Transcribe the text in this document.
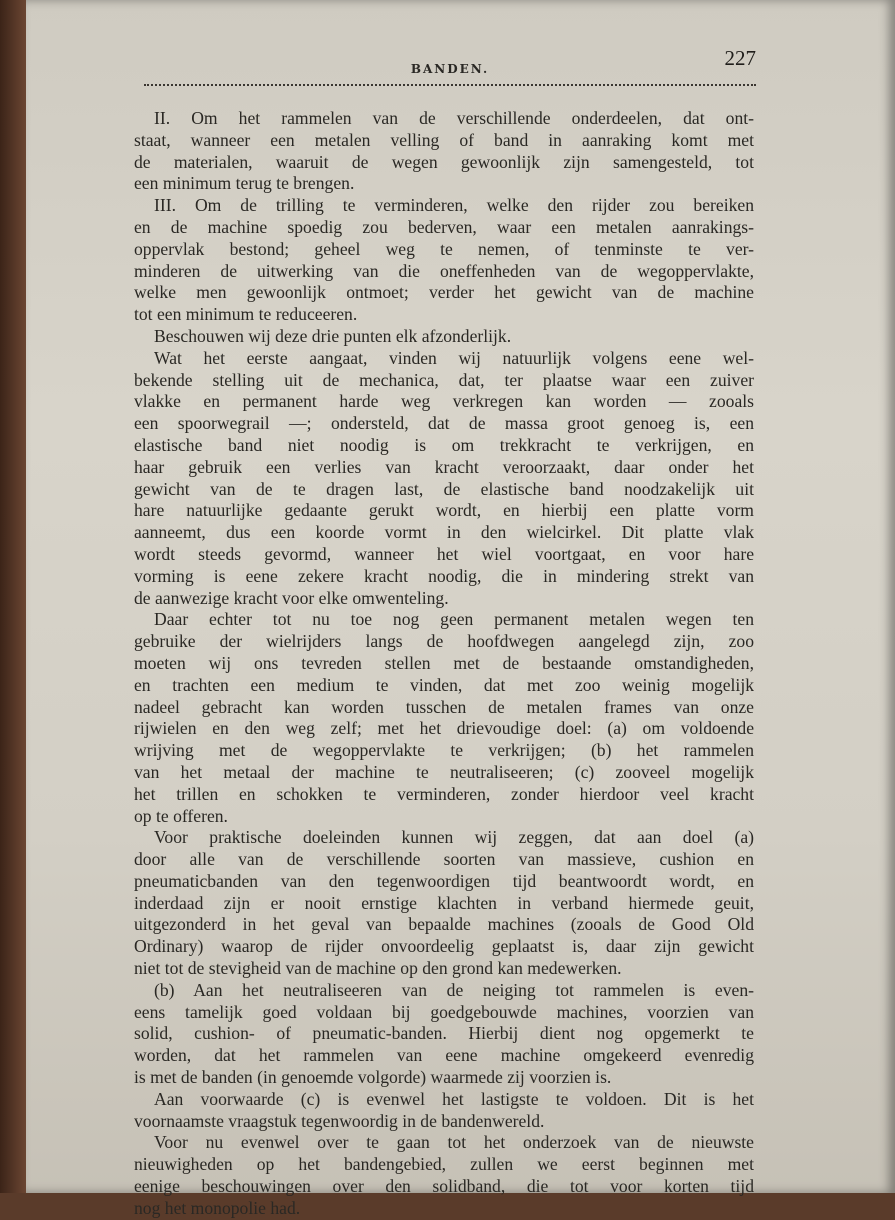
BANDEN.	227
II. Om het rammelen van de verschillende onderdeelen, dat ont-
staat, wanneer een metalen velling of band in aanraking komt met
de materialen, waaruit de wegen gewoonlijk zijn samengesteld, tot
een minimum terug te brengen.
III. Om de trilling te verminderen, welke den rijder zou bereiken
en de machine spoedig zou bederven, waar een metalen aanrakings-
oppervlak bestond; geheel weg te nemen, of tenminste te ver-
minderen de uitwerking van die oneffenheden van de wegoppervlakte,
welke men gewoonlijk ontmoet; verder het gewicht van de machine
tot een minimum te reduceeren.
Beschouwen wij deze drie punten elk afzonderlijk.
Wat het eerste aangaat, vinden wij natuurlijk volgens eene wel-
bekende stelling uit de mechanica, dat, ter plaatse waar een zuiver
vlakke en permanent harde weg verkregen kan worden — zooals
een spoorwegrail —; ondersteld, dat de massa groot genoeg is, een
elastische band niet noodig is om trekkracht te verkrijgen, en
haar gebruik een verlies van kracht veroorzaakt, daar onder het
gewicht van de te dragen last, de elastische band noodzakelijk uit
hare natuurlijke gedaante gerukt wordt, en hierbij een platte vorm
aanneemt, dus een koorde vormt in den wielcirkel. Dit platte vlak
wordt steeds gevormd, wanneer het wiel voortgaat, en voor hare
vorming is eene zekere kracht noodig, die in mindering strekt van
de aanwezige kracht voor elke omwenteling.
Daar echter tot nu toe nog geen permanent metalen wegen ten
gebruike der wielrijders langs de hoofdwegen aangelegd zijn, zoo
moeten wij ons tevreden stellen met de bestaande omstandigheden,
en trachten een medium te vinden, dat met zoo weinig mogelijk
nadeel gebracht kan worden tusschen de metalen frames van onze
rijwielen en den weg zelf; met het drievoudige doel: (a) om voldoende
wrijving met de wegoppervlakte te verkrijgen; (b) het rammelen
van het metaal der machine te neutraliseeren; (c) zooveel mogelijk
het trillen en schokken te verminderen, zonder hierdoor veel kracht
op te offeren.
Voor praktische doeleinden kunnen wij zeggen, dat aan doel (a)
door alle van de verschillende soorten van massieve, cushion en
pneumaticbanden van den tegenwoordigen tijd beantwoordt wordt, en
inderdaad zijn er nooit ernstige klachten in verband hiermede geuit,
uitgezonderd in het geval van bepaalde machines (zooals de Good Old
Ordinary) waarop de rijder onvoordeelig geplaatst is, daar zijn gewicht
niet tot de stevigheid van de machine op den grond kan medewerken.
(b) Aan het neutraliseeren van de neiging tot rammelen is even-
eens tamelijk goed voldaan bij goedgebouwde machines, voorzien van
solid, cushion- of pneumatic-banden. Hierbij dient nog opgemerkt te
worden, dat het rammelen van eene machine omgekeerd evenredig
is met de banden (in genoemde volgorde) waarmede zij voorzien is.
Aan voorwaarde (c) is evenwel het lastigste te voldoen. Dit is het
voornaamste vraagstuk tegenwoordig in de bandenwereld.
Voor nu evenwel over te gaan tot het onderzoek van de nieuwste
nieuwigheden op het bandengebied, zullen we eerst beginnen met
eenige beschouwingen over den solidband, die tot voor korten tijd
nog het monopolie had.
